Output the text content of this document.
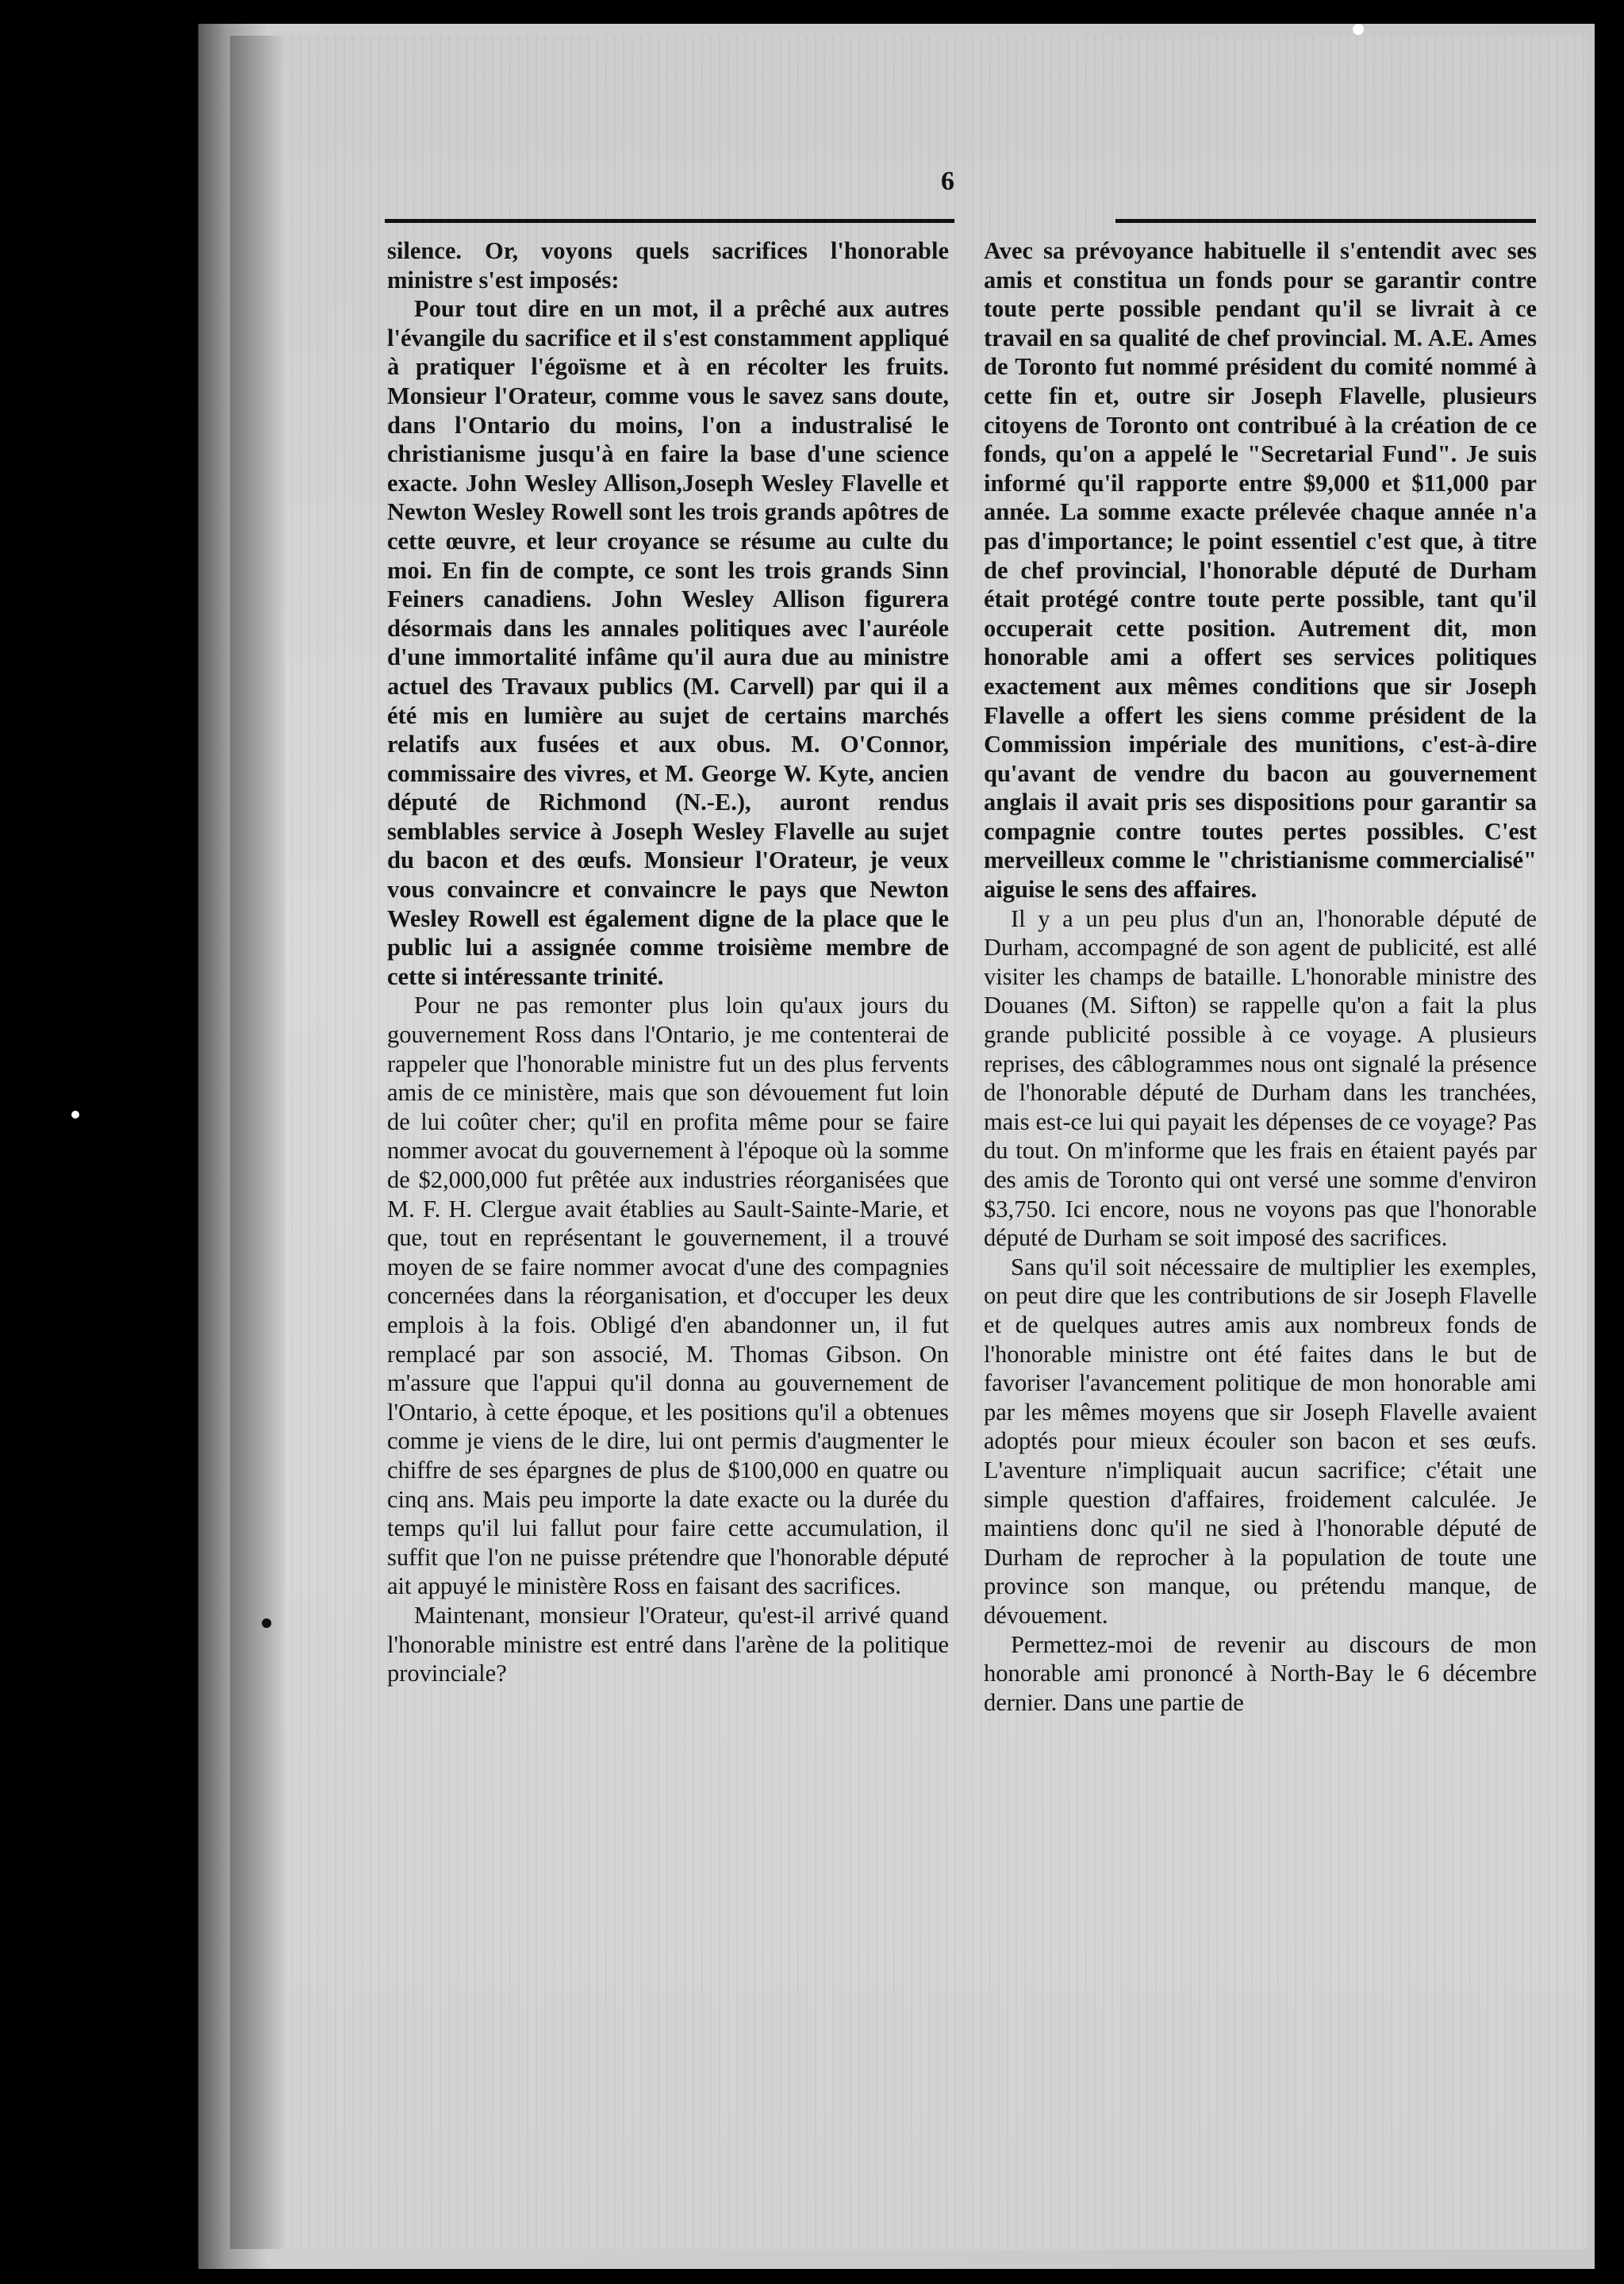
6

silence. Or, voyons quels sacrifices l'honorable ministre s'est imposés:

Pour tout dire en un mot, il a prêché aux autres l'évangile du sacrifice et il s'est constamment appliqué à pratiquer l'égoïsme et à en récolter les fruits. Monsieur l'Orateur, comme vous le savez sans doute, dans l'Ontario du moins, l'on a industralisé le christianisme jusqu'à en faire la base d'une science exacte. John Wesley Allison,Joseph Wesley Flavelle et Newton Wesley Rowell sont les trois grands apôtres de cette œuvre, et leur croyance se résume au culte du moi. En fin de compte, ce sont les trois grands Sinn Feiners canadiens. John Wesley Allison figurera désormais dans les annales politiques avec l'auréole d'une immortalité infâme qu'il aura due au ministre actuel des Travaux publics (M. Carvell) par qui il a été mis en lumière au sujet de certains marchés relatifs aux fusées et aux obus. M. O'Connor, commissaire des vivres, et M. George W. Kyte, ancien député de Richmond (N.-E.), auront rendus semblables service à Joseph Wesley Flavelle au sujet du bacon et des œufs. Monsieur l'Orateur, je veux vous convaincre et convaincre le pays que Newton Wesley Rowell est également digne de la place que le public lui a assignée comme troisième membre de cette si intéressante trinité.

Pour ne pas remonter plus loin qu'aux jours du gouvernement Ross dans l'Ontario, je me contenterai de rappeler que l'honorable ministre fut un des plus fervents amis de ce ministère, mais que son dévouement fut loin de lui coûter cher; qu'il en profita même pour se faire nommer avocat du gouvernement à l'époque où la somme de $2,000,000 fut prêtée aux industries réorganisées que M. F. H. Clergue avait établies au Sault-Sainte-Marie, et que, tout en représentant le gouvernement, il a trouvé moyen de se faire nommer avocat d'une des compagnies concernées dans la réorganisation, et d'occuper les deux emplois à la fois. Obligé d'en abandonner un, il fut remplacé par son associé, M. Thomas Gibson. On m'assure que l'appui qu'il donna au gouvernement de l'Ontario, à cette époque, et les positions qu'il a obtenues comme je viens de le dire, lui ont permis d'augmenter le chiffre de ses épargnes de plus de $100,000 en quatre ou cinq ans. Mais peu importe la date exacte ou la durée du temps qu'il lui fallut pour faire cette accumulation, il suffit que l'on ne puisse prétendre que l'honorable député ait appuyé le ministère Ross en faisant des sacrifices.

Maintenant, monsieur l'Orateur, qu'est-il arrivé quand l'honorable ministre est entré dans l'arène de la politique provinciale?

Avec sa prévoyance habituelle il s'entendit avec ses amis et constitua un fonds pour se garantir contre toute perte possible pendant qu'il se livrait à ce travail en sa qualité de chef provincial. M. A.E. Ames de Toronto fut nommé président du comité nommé à cette fin et, outre sir Joseph Flavelle, plusieurs citoyens de Toronto ont contribué à la création de ce fonds, qu'on a appelé le "Secretarial Fund". Je suis informé qu'il rapporte entre $9,000 et $11,000 par année. La somme exacte prélevée chaque année n'a pas d'importance; le point essentiel c'est que, à titre de chef provincial, l'honorable député de Durham était protégé contre toute perte possible, tant qu'il occuperait cette position. Autrement dit, mon honorable ami a offert ses services politiques exactement aux mêmes conditions que sir Joseph Flavelle a offert les siens comme président de la Commission impériale des munitions, c'est-à-dire qu'avant de vendre du bacon au gouvernement anglais il avait pris ses dispositions pour garantir sa compagnie contre toutes pertes possibles. C'est merveilleux comme le "christianisme commercialisé" aiguise le sens des affaires.

Il y a un peu plus d'un an, l'honorable député de Durham, accompagné de son agent de publicité, est allé visiter les champs de bataille. L'honorable ministre des Douanes (M. Sifton) se rappelle qu'on a fait la plus grande publicité possible à ce voyage. A plusieurs reprises, des câblogrammes nous ont signalé la présence de l'honorable député de Durham dans les tranchées, mais est-ce lui qui payait les dépenses de ce voyage? Pas du tout. On m'informe que les frais en étaient payés par des amis de Toronto qui ont versé une somme d'environ $3,750. Ici encore, nous ne voyons pas que l'honorable député de Durham se soit imposé des sacrifices.

Sans qu'il soit nécessaire de multiplier les exemples, on peut dire que les contributions de sir Joseph Flavelle et de quelques autres amis aux nombreux fonds de l'honorable ministre ont été faites dans le but de favoriser l'avancement politique de mon honorable ami par les mêmes moyens que sir Joseph Flavelle avaient adoptés pour mieux écouler son bacon et ses œufs. L'aventure n'impliquait aucun sacrifice; c'était une simple question d'affaires, froidement calculée. Je maintiens donc qu'il ne sied à l'honorable député de Durham de reprocher à la population de toute une province son manque, ou prétendu manque, de dévouement.

Permettez-moi de revenir au discours de mon honorable ami prononcé à North-Bay le 6 décembre dernier. Dans une partie de
